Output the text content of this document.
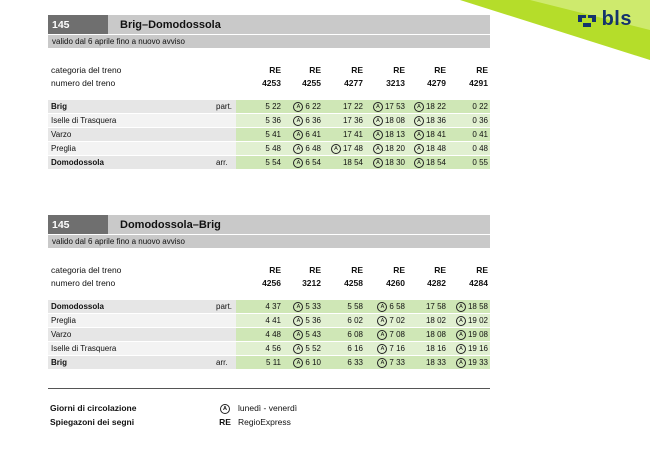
bls
145	Brig–Domodossola
valido dal 6 aprile fino a nuovo avviso
categoria del treno	RE	RE	RE	RE	RE	RE
numero del treno	4253	4255	4277	3213	4279	4291
Brig	part.	5 22	A 6 22	17 22	A 17 53	A 18 22	0 22
Iselle di Trasquera	5 36	A 6 36	17 36	A 18 08	A 18 36	0 36
Varzo	5 41	A 6 41	17 41	A 18 13	A 18 41	0 41
Preglia	5 48	A 6 48	A 17 48	A 18 20	A 18 48	0 48
Domodossola	arr.	5 54	A 6 54	18 54	A 18 30	A 18 54	0 55
145	Domodossola–Brig
valido dal 6 aprile fino a nuovo avviso
categoria del treno	RE	RE	RE	RE	RE	RE
numero del treno	4256	3212	4258	4260	4282	4284
Domodossola	part.	4 37	A 5 33	5 58	A 6 58	17 58	A 18 58
Preglia	4 41	A 5 36	6 02	A 7 02	18 02	A 19 02
Varzo	4 48	A 5 43	6 08	A 7 08	18 08	A 19 08
Iselle di Trasquera	4 56	A 5 52	6 16	A 7 16	18 16	A 19 16
Brig	arr.	5 11	A 6 10	6 33	A 7 33	18 33	A 19 33
Giorni di circolazione	A	lunedì - venerdì
Spiegazoni dei segni	RE RegioExpress
